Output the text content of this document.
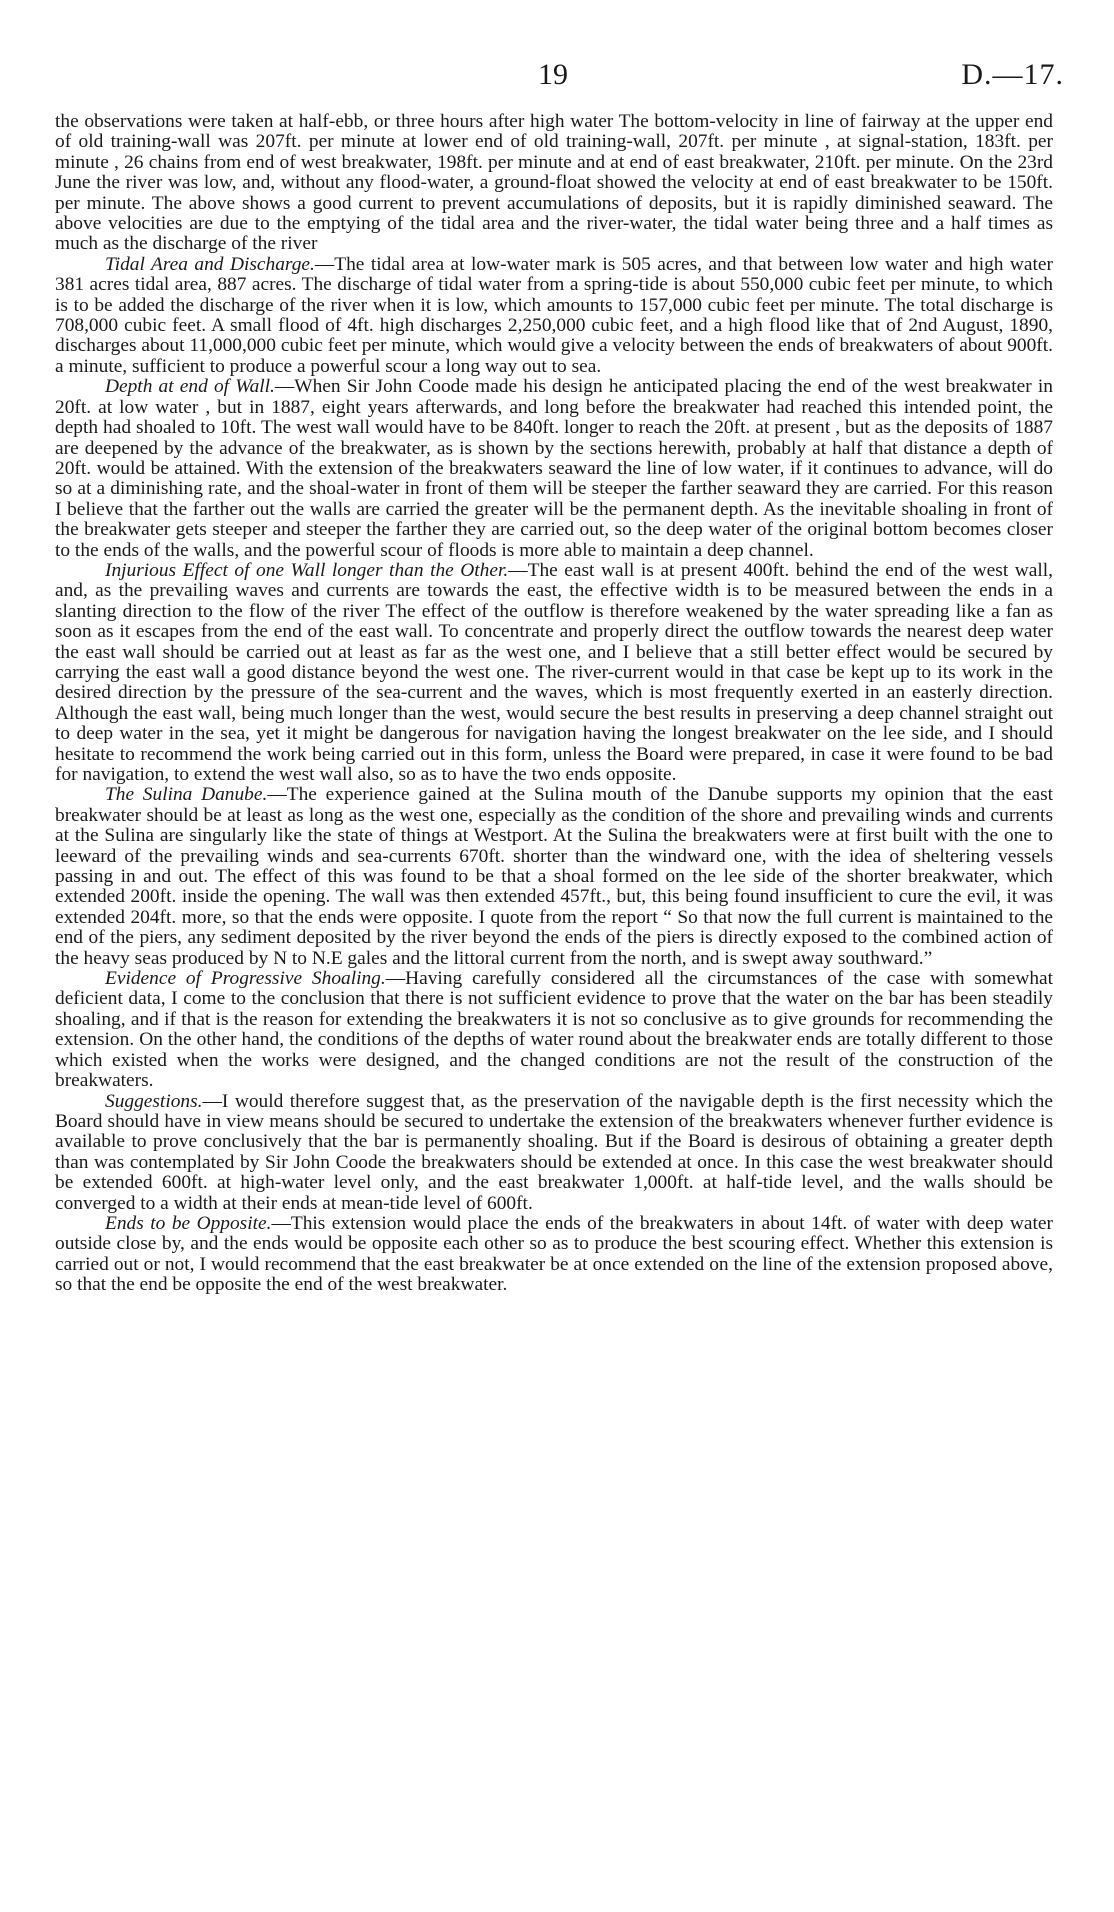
19	D.—17.

the observations were taken at half-ebb, or three hours after high water The bottom-velocity in line of fairway at the upper end of old training-wall was 207ft. per minute at lower end of old training-wall, 207ft. per minute , at signal-station, 183ft. per minute , 26 chains from end of west breakwater, 198ft. per minute and at end of east breakwater, 210ft. per minute. On the 23rd June the river was low, and, without any flood-water, a ground-float showed the velocity at end of east breakwater to be 150ft. per minute. The above shows a good current to prevent accumulations of deposits, but it is rapidly diminished seaward. The above velocities are due to the emptying of the tidal area and the river-water, the tidal water being three and a half times as much as the discharge of the river

Tidal Area and Discharge.—The tidal area at low-water mark is 505 acres, and that between low water and high water 381 acres tidal area, 887 acres. The discharge of tidal water from a spring-tide is about 550,000 cubic feet per minute, to which is to be added the discharge of the river when it is low, which amounts to 157,000 cubic feet per minute. The total discharge is 708,000 cubic feet. A small flood of 4ft. high discharges 2,250,000 cubic feet, and a high flood like that of 2nd August, 1890, discharges about 11,000,000 cubic feet per minute, which would give a velocity between the ends of breakwaters of about 900ft. a minute, sufficient to produce a powerful scour a long way out to sea.

Depth at end of Wall.—When Sir John Coode made his design he anticipated placing the end of the west breakwater in 20ft. at low water , but in 1887, eight years afterwards, and long before the breakwater had reached this intended point, the depth had shoaled to 10ft. The west wall would have to be 840ft. longer to reach the 20ft. at present , but as the deposits of 1887 are deepened by the advance of the breakwater, as is shown by the sections herewith, probably at half that distance a depth of 20ft. would be attained. With the extension of the breakwaters seaward the line of low water, if it continues to advance, will do so at a diminishing rate, and the shoal-water in front of them will be steeper the farther seaward they are carried. For this reason I believe that the farther out the walls are carried the greater will be the permanent depth. As the inevitable shoaling in front of the breakwater gets steeper and steeper the farther they are carried out, so the deep water of the original bottom becomes closer to the ends of the walls, and the powerful scour of floods is more able to maintain a deep channel.

Injurious Effect of one Wall longer than the Other.—The east wall is at present 400ft. behind the end of the west wall, and, as the prevailing waves and currents are towards the east, the effective width is to be measured between the ends in a slanting direction to the flow of the river The effect of the outflow is therefore weakened by the water spreading like a fan as soon as it escapes from the end of the east wall. To concentrate and properly direct the outflow towards the nearest deep water the east wall should be carried out at least as far as the west one, and I believe that a still better effect would be secured by carrying the east wall a good distance beyond the west one. The river-current would in that case be kept up to its work in the desired direction by the pressure of the sea-current and the waves, which is most frequently exerted in an easterly direction. Although the east wall, being much longer than the west, would secure the best results in preserving a deep channel straight out to deep water in the sea, yet it might be dangerous for navigation having the longest breakwater on the lee side, and I should hesitate to recommend the work being carried out in this form, unless the Board were prepared, in case it were found to be bad for navigation, to extend the west wall also, so as to have the two ends opposite.

The Sulina Danube.—The experience gained at the Sulina mouth of the Danube supports my opinion that the east breakwater should be at least as long as the west one, especially as the condition of the shore and prevailing winds and currents at the Sulina are singularly like the state of things at Westport. At the Sulina the breakwaters were at first built with the one to leeward of the prevailing winds and sea-currents 670ft. shorter than the windward one, with the idea of sheltering vessels passing in and out. The effect of this was found to be that a shoal formed on the lee side of the shorter breakwater, which extended 200ft. inside the opening. The wall was then extended 457ft., but, this being found insufficient to cure the evil, it was extended 204ft. more, so that the ends were opposite. I quote from the report “ So that now the full current is maintained to the end of the piers, any sediment deposited by the river beyond the ends of the piers is directly exposed to the combined action of the heavy seas produced by N to N.E gales and the littoral current from the north, and is swept away southward.”

Evidence of Progressive Shoaling.—Having carefully considered all the circumstances of the case with somewhat deficient data, I come to the conclusion that there is not sufficient evidence to prove that the water on the bar has been steadily shoaling, and if that is the reason for extending the breakwaters it is not so conclusive as to give grounds for recommending the extension. On the other hand, the conditions of the depths of water round about the breakwater ends are totally different to those which existed when the works were designed, and the changed conditions are not the result of the construction of the breakwaters.

Suggestions.—I would therefore suggest that, as the preservation of the navigable depth is the first necessity which the Board should have in view means should be secured to undertake the extension of the breakwaters whenever further evidence is available to prove conclusively that the bar is permanently shoaling. But if the Board is desirous of obtaining a greater depth than was contemplated by Sir John Coode the breakwaters should be extended at once. In this case the west breakwater should be extended 600ft. at high-water level only, and the east breakwater 1,000ft. at half-tide level, and the walls should be converged to a width at their ends at mean-tide level of 600ft.

Ends to be Opposite.—This extension would place the ends of the breakwaters in about 14ft. of water with deep water outside close by, and the ends would be opposite each other so as to produce the best scouring effect. Whether this extension is carried out or not, I would recommend that the east breakwater be at once extended on the line of the extension proposed above, so that the end be opposite the end of the west breakwater.
